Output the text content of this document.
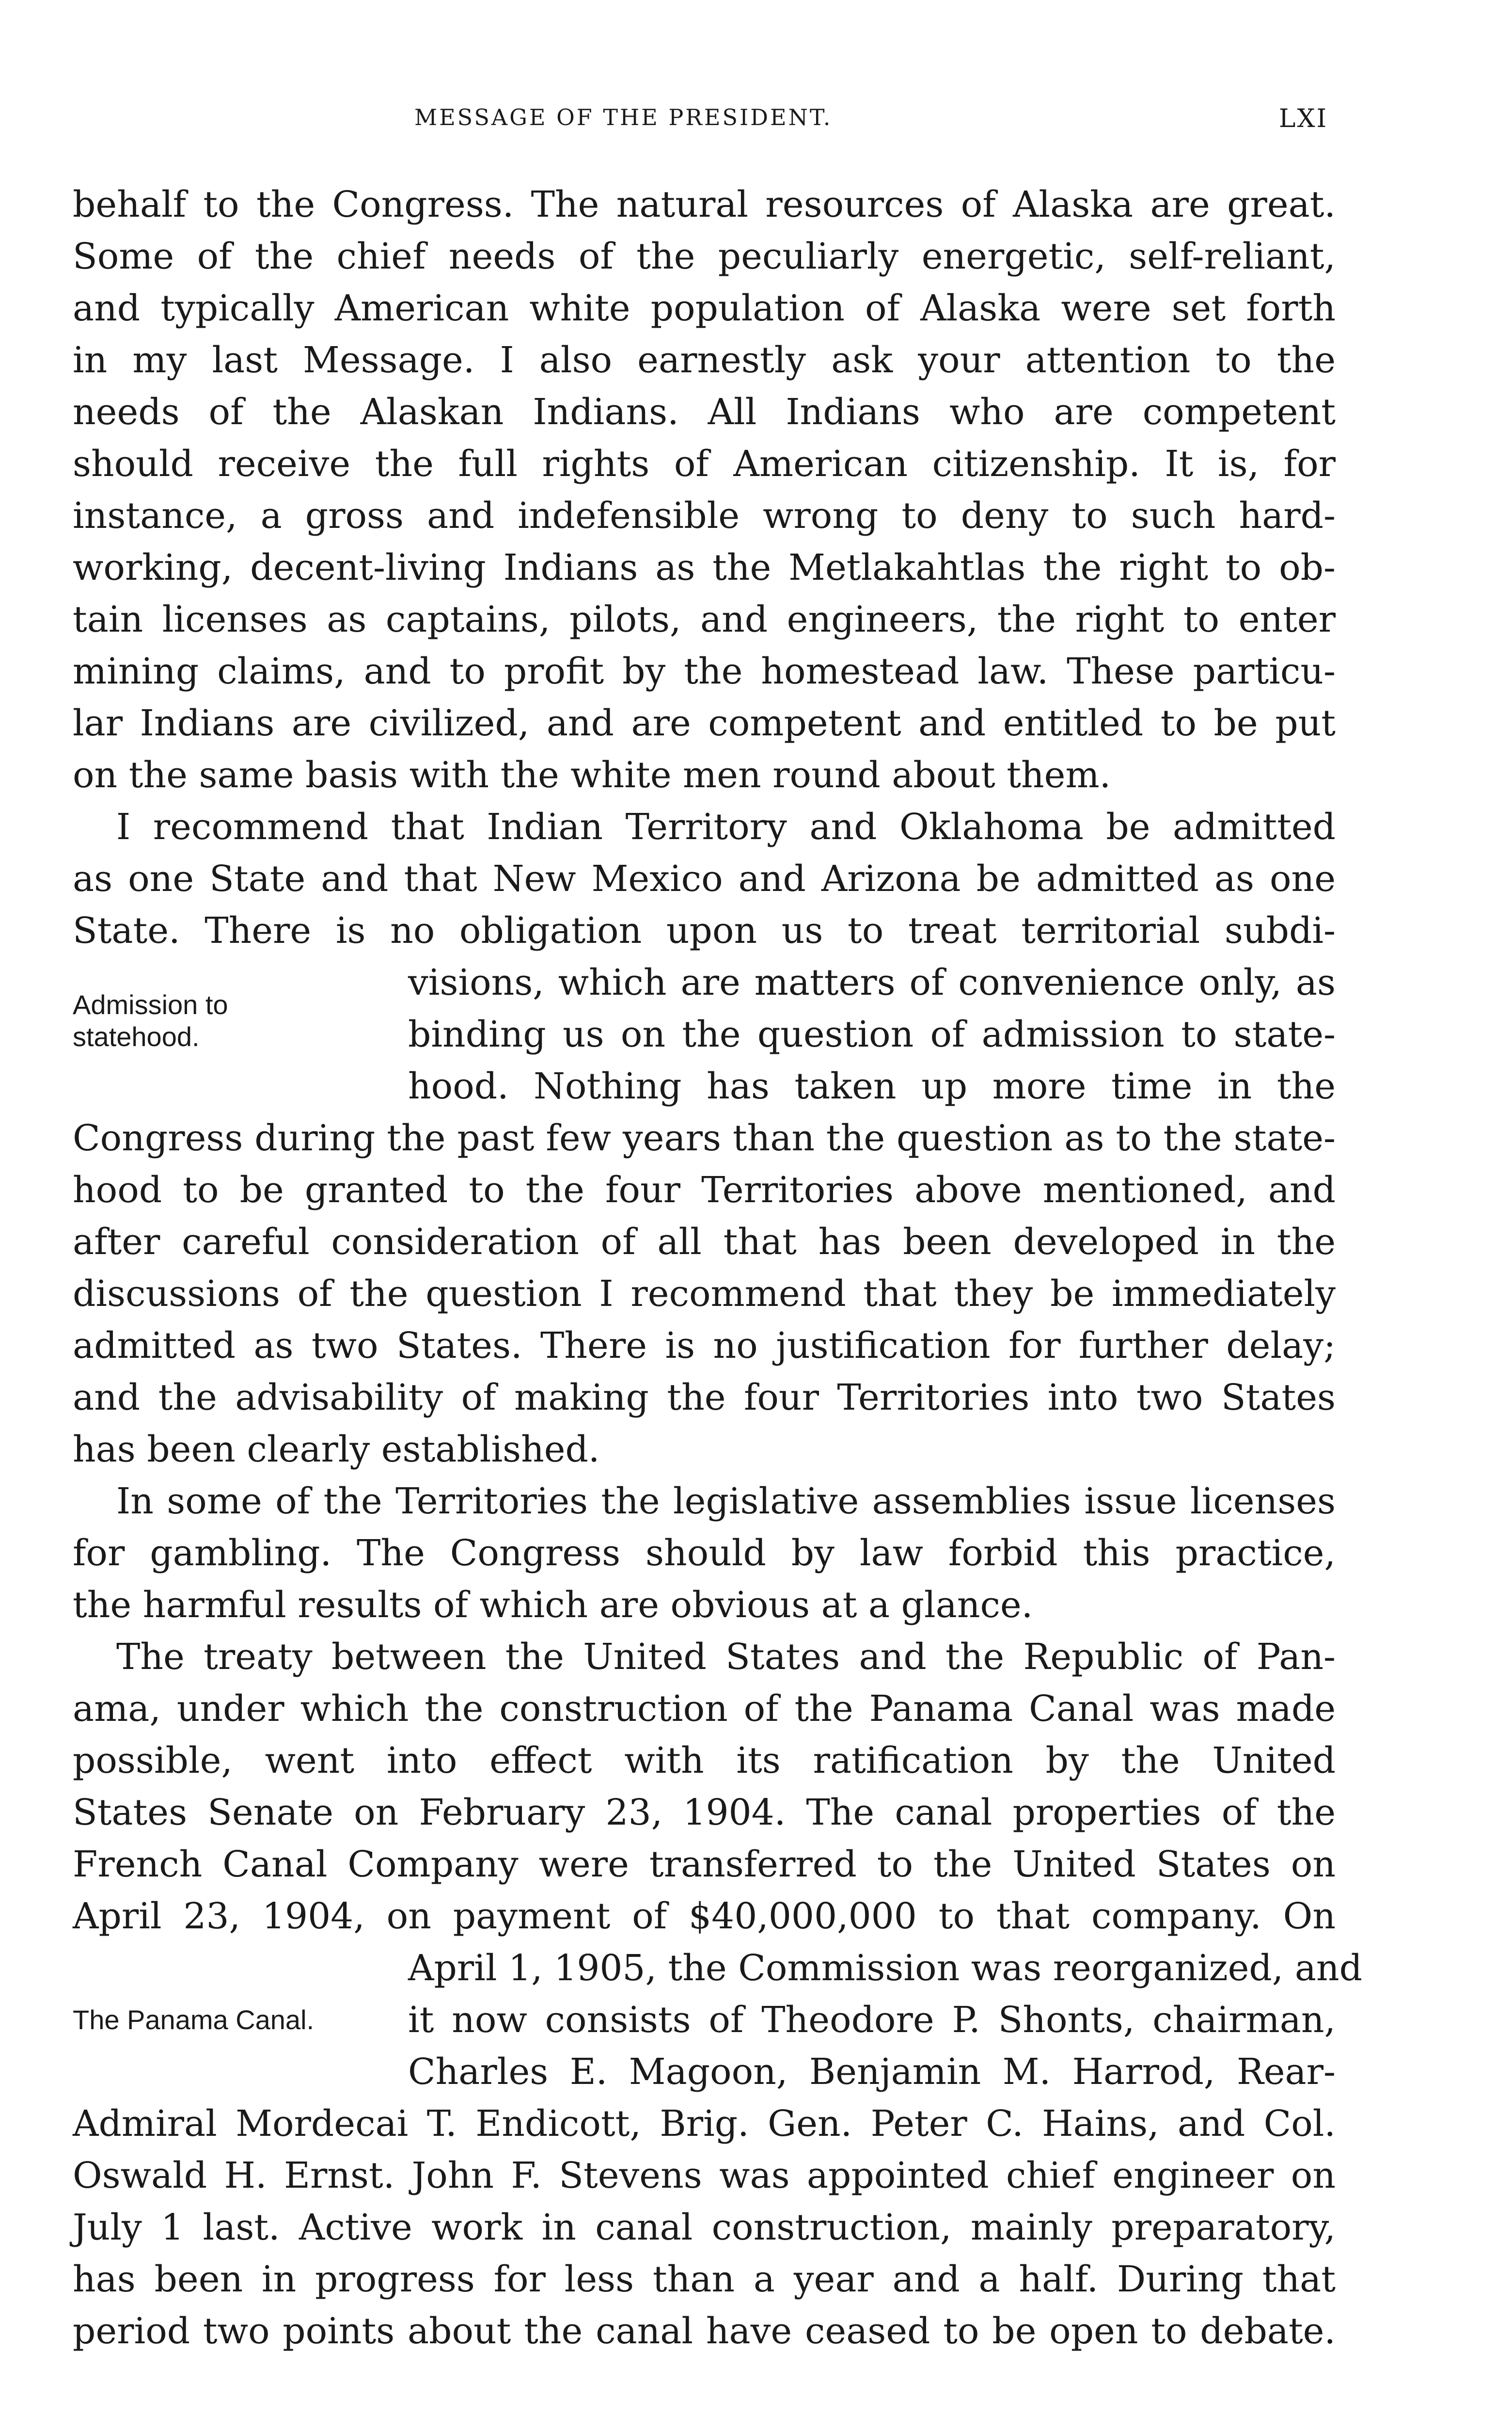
MESSAGE OF THE PRESIDENT.	LXI
behalf to the Congress. The natural resources of Alaska are great.
Some of the chief needs of the peculiarly energetic, self-reliant,
and typically American white population of Alaska were set forth
in my last Message. I also earnestly ask your attention to the
needs of the Alaskan Indians. All Indians who are competent
should receive the full rights of American citizenship. It is, for
instance, a gross and indefensible wrong to deny to such hard-
working, decent-living Indians as the Metlakahtlas the right to ob-
tain licenses as captains, pilots, and engineers, the right to enter
mining claims, and to profit by the homestead law. These particu-
lar Indians are civilized, and are competent and entitled to be put
on the same basis with the white men round about them.
I recommend that Indian Territory and Oklahoma be admitted
as one State and that New Mexico and Arizona be admitted as one
State. There is no obligation upon us to treat territorial subdi-
visions, which are matters of convenience only, as
binding us on the question of admission to state-
hood. Nothing has taken up more time in the
Congress during the past few years than the question as to the state-
hood to be granted to the four Territories above mentioned, and
after careful consideration of all that has been developed in the
discussions of the question I recommend that they be immediately
admitted as two States. There is no justification for further delay;
and the advisability of making the four Territories into two States
has been clearly established.
Admission to
statehood.
In some of the Territories the legislative assemblies issue licenses
for gambling. The Congress should by law forbid this practice,
the harmful results of which are obvious at a glance.
The treaty between the United States and the Republic of Pan-
ama, under which the construction of the Panama Canal was made
possible, went into effect with its ratification by the United
States Senate on February 23, 1904. The canal properties of the
French Canal Company were transferred to the United States on
April 23, 1904, on payment of $40,000,000 to that company. On
April 1, 1905, the Commission was reorganized, and
it now consists of Theodore P. Shonts, chairman,
Charles E. Magoon, Benjamin M. Harrod, Rear-
Admiral Mordecai T. Endicott, Brig. Gen. Peter C. Hains, and Col.
Oswald H. Ernst. John F. Stevens was appointed chief engineer on
July 1 last. Active work in canal construction, mainly preparatory,
has been in progress for less than a year and a half. During that
period two points about the canal have ceased to be open to debate.
The Panama Canal.
